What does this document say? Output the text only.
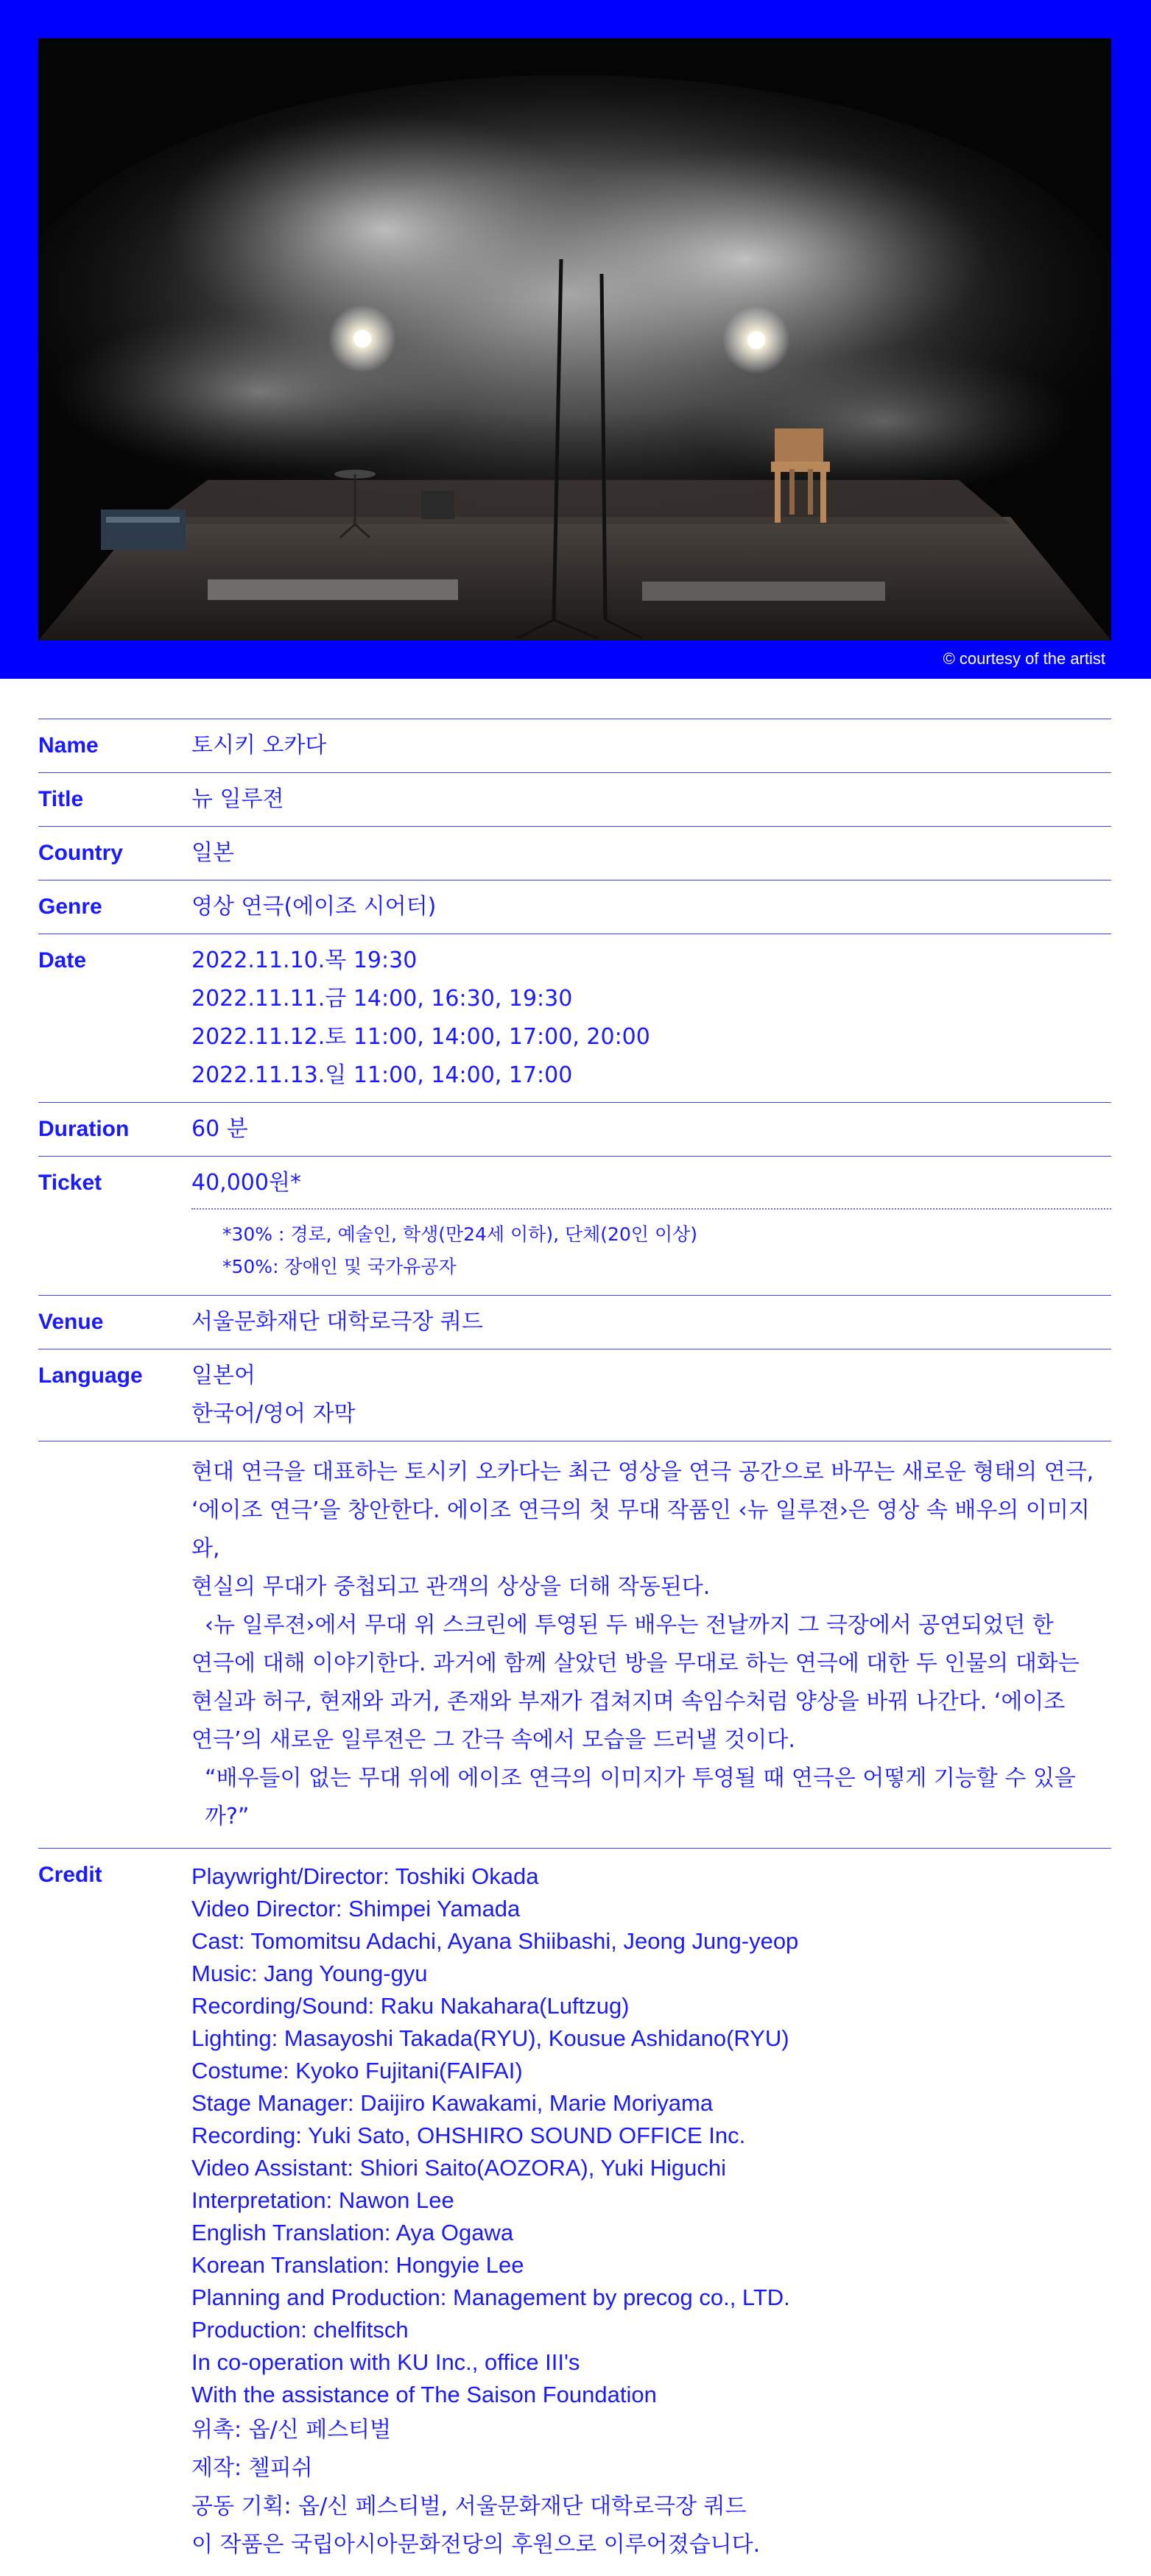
© courtesy of the artist
Name	토시키 오카다
Title	뉴 일루젼
Country	일본
Genre	영상 연극(에이조 시어터)
Date	2022.11.10.목 19:30
2022.11.11.금 14:00, 16:30, 19:30
2022.11.12.토 11:00, 14:00, 17:00, 20:00
2022.11.13.일 11:00, 14:00, 17:00
Duration	60 분
Ticket	40,000원*
*30% : 경로, 예술인, 학생(만24세 이하), 단체(20인 이상)
*50%: 장애인 및 국가유공자
Venue	서울문화재단 대학로극장 쿼드
Language	일본어
한국어/영어 자막
현대 연극을 대표하는 토시키 오카다는 최근 영상을 연극 공간으로 바꾸는 새로운 형태의 연극,
‘에이조 연극’을 창안한다. 에이조 연극의 첫 무대 작품인 ‹뉴 일루젼›은 영상 속 배우의 이미지와,
현실의 무대가 중첩되고 관객의 상상을 더해 작동된다.
‹뉴 일루젼›에서 무대 위 스크린에 투영된 두 배우는 전날까지 그 극장에서 공연되었던 한
연극에 대해 이야기한다. 과거에 함께 살았던 방을 무대로 하는 연극에 대한 두 인물의 대화는
현실과 허구, 현재와 과거, 존재와 부재가 겹쳐지며 속임수처럼 양상을 바꿔 나간다. ‘에이조
연극’의 새로운 일루젼은 그 간극 속에서 모습을 드러낼 것이다.
“배우들이 없는 무대 위에 에이조 연극의 이미지가 투영될 때 연극은 어떻게 기능할 수 있을까?”
Credit	Playwright/Director: Toshiki Okada
Video Director: Shimpei Yamada
Cast: Tomomitsu Adachi, Ayana Shiibashi, Jeong Jung-yeop
Music: Jang Young-gyu
Recording/Sound: Raku Nakahara(Luftzug)
Lighting: Masayoshi Takada(RYU), Kousue Ashidano(RYU)
Costume: Kyoko Fujitani(FAIFAI)
Stage Manager: Daijiro Kawakami, Marie Moriyama
Recording: Yuki Sato, OHSHIRO SOUND OFFICE Inc.
Video Assistant: Shiori Saito(AOZORA), Yuki Higuchi
Interpretation: Nawon Lee
English Translation: Aya Ogawa
Korean Translation: Hongyie Lee
Planning and Production: Management by precog co., LTD.
Production: chelfitsch
In co-operation with KU Inc., office III's
With the assistance of The Saison Foundation
위촉: 옵/신 페스티벌
제작: 첼피쉬
공동 기획: 옵/신 페스티벌, 서울문화재단 대학로극장 쿼드
이 작품은 국립아시아문화전당의 후원으로 이루어졌습니다.
